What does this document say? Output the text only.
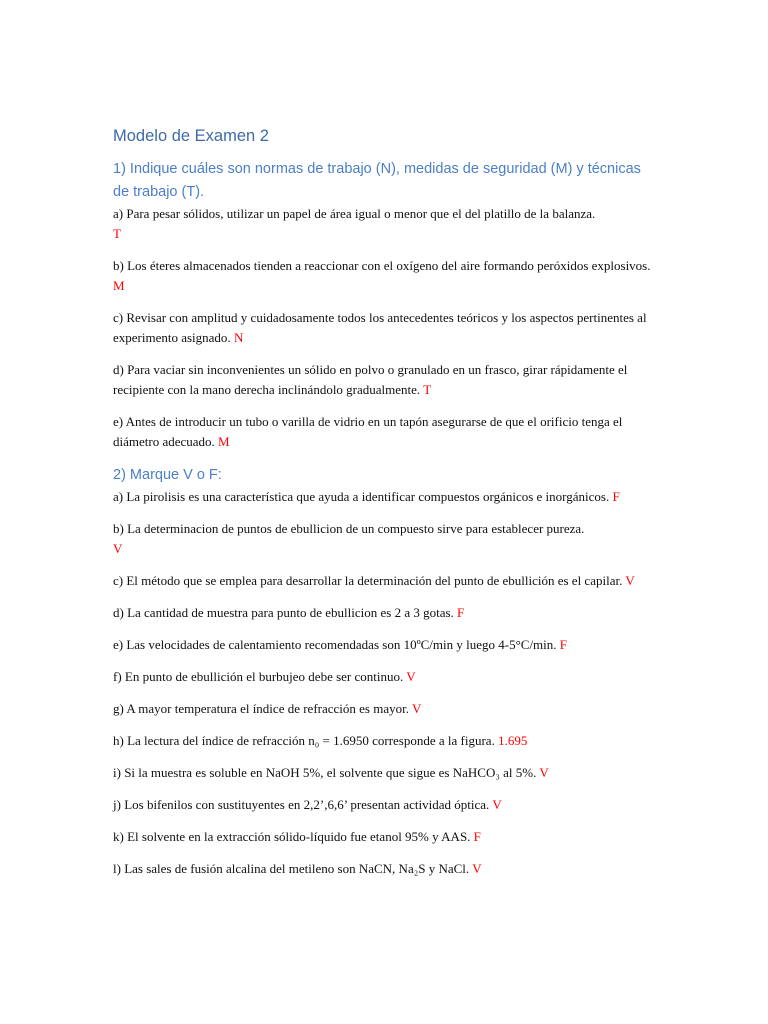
Modelo de Examen 2
1) Indique cuáles son normas de trabajo (N), medidas de seguridad (M) y técnicas de trabajo (T).

a) Para pesar sólidos, utilizar un papel de área igual o menor que el del platillo de la balanza.
T

b) Los éteres almacenados tienden a reaccionar con el oxígeno del aire formando peróxidos explosivos. M

c) Revisar con amplitud y cuidadosamente todos los antecedentes teóricos y los aspectos pertinentes al experimento asignado. N

d) Para vaciar sin inconvenientes un sólido en polvo o granulado en un frasco, girar rápidamente el recipiente con la mano derecha inclinándolo gradualmente. T

e) Antes de introducir un tubo o varilla de vidrio en un tapón asegurarse de que el orificio tenga el diámetro adecuado. M

2) Marque V o F:

a) La pirolisis es una característica que ayuda a identificar compuestos orgánicos e inorgánicos. F

b) La determinacion de puntos de ebullicion de un compuesto sirve para establecer pureza.
V

c) El método que se emplea para desarrollar la determinación del punto de ebullición es el capilar. V

d) La cantidad de muestra para punto de ebullicion es 2 a 3 gotas. F

e) Las velocidades de calentamiento recomendadas son 10ºC/min y luego 4-5°C/min. F

f) En punto de ebullición el burbujeo debe ser continuo. V

g) A mayor temperatura el índice de refracción es mayor. V

h) La lectura del índice de refracción n₀ = 1.6950 corresponde a la figura. 1.695

i) Si la muestra es soluble en NaOH 5%, el solvente que sigue es NaHCO₃ al 5%. V

j) Los bifenilos con sustituyentes en 2,2’,6,6’ presentan actividad óptica. V

k) El solvente en la extracción sólido-líquido fue etanol 95% y AAS. F

l) Las sales de fusión alcalina del metileno son NaCN, Na₂S y NaCl. V
